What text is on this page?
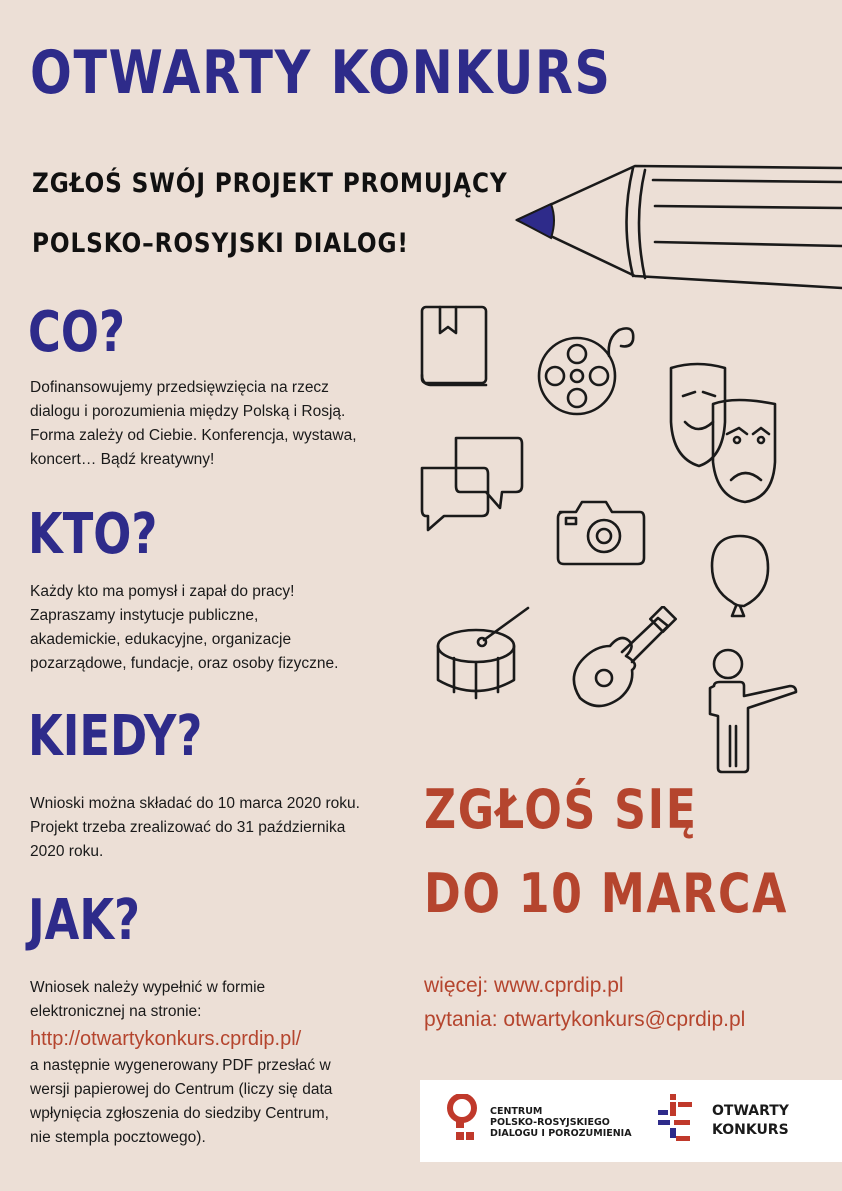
OTWARTY KONKURS
ZGŁOŚ SWÓJ PROJEKT PROMUJĄCY
POLSKO–ROSYJSKI DIALOG!
CO?
Dofinansowujemy przedsięwzięcia na rzecz
dialogu i porozumienia między Polską i Rosją.
Forma zależy od Ciebie. Konferencja, wystawa,
koncert… Bądź kreatywny!
KTO?
Każdy kto ma pomysł i zapał do pracy!
Zapraszamy instytucje publiczne,
akademickie, edukacyjne, organizacje
pozarządowe, fundacje, oraz osoby fizyczne.
KIEDY?
Wnioski można składać do 10 marca 2020 roku.
Projekt trzeba zrealizować do 31 października
2020 roku.
JAK?
Wniosek należy wypełnić w formie
elektronicznej na stronie:
http://otwartykonkurs.cprdip.pl/
a następnie wygenerowany PDF przesłać w
wersji papierowej do Centrum (liczy się data
wpłynięcia zgłoszenia do siedziby Centrum,
nie stempla pocztowego).
ZGŁOŚ SIĘ
DO 10 MARCA
więcej: www.cprdip.pl
pytania: otwartykonkurs@cprdip.pl
CENTRUM
POLSKO-ROSYJSKIEGO
DIALOGU I POROZUMIENIA
OTWARTY
KONKURS
